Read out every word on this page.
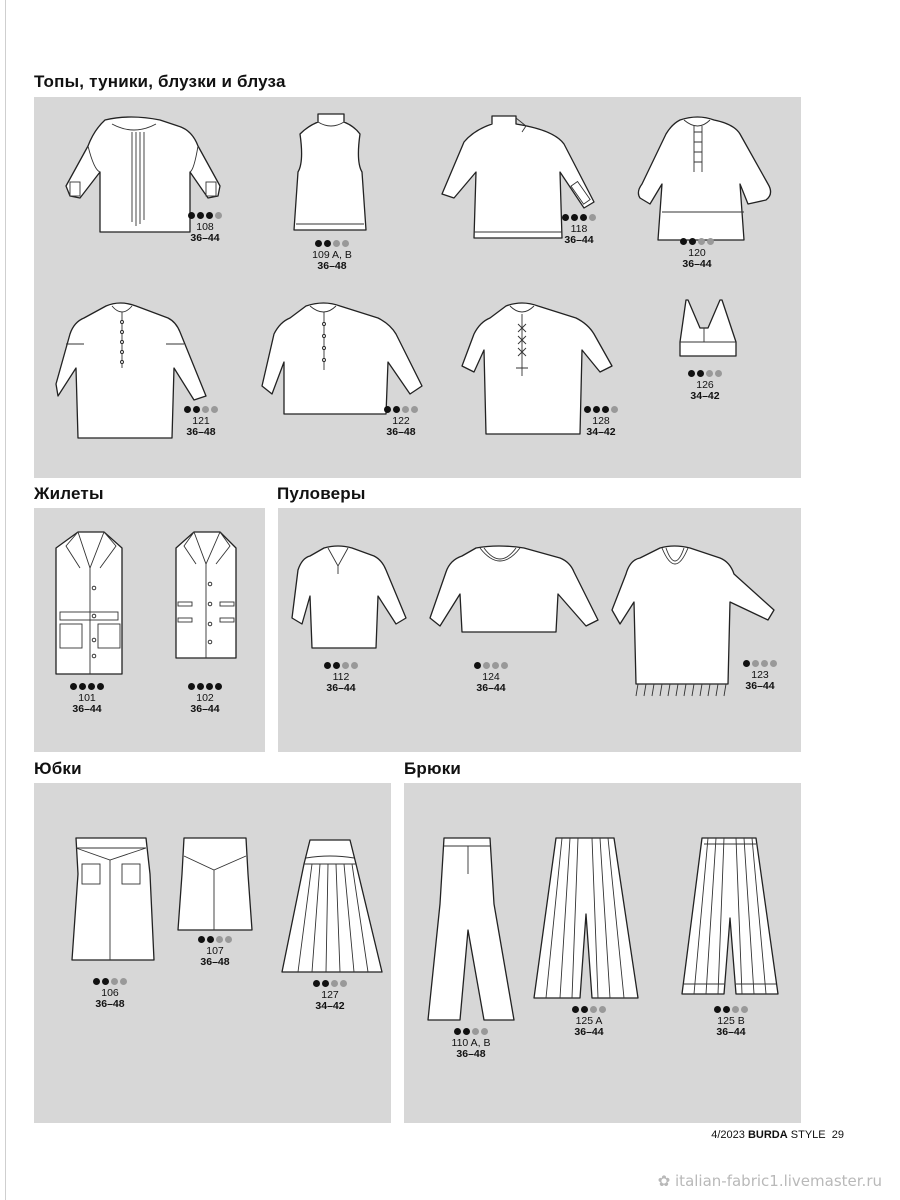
Топы, туники, блузки и блуза
Жилеты	Пуловеры
Юбки	Брюки
108
36–44
109 A, B
36–48
118
36–44
120
36–44
121
36–48
122
36–48
128
34–42
126
34–42
101
36–44
102
36–44
112
36–44
124
36–44
123
36–44
106
36–48
107
36–48
127
34–42
110 A, B
36–48
125 A
36–44
125 B
36–44
4/2023 BURDA STYLE 29
✿ italian-fabric1.livemaster.ru
